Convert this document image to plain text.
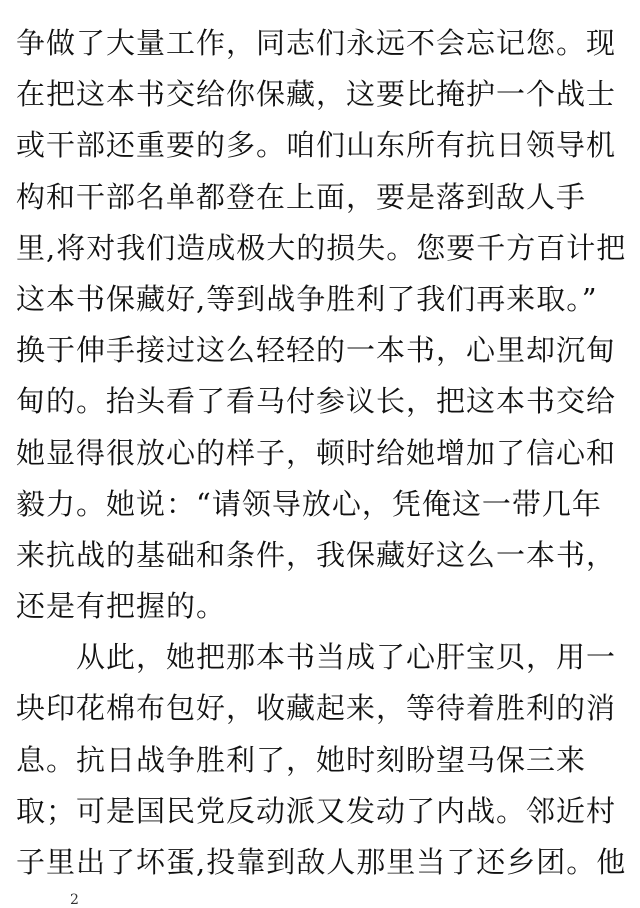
争做了大量工作，同志们永远不会忘记您。现
在把这本书交给你保藏，这要比掩护一个战士
或干部还重要的多。咱们山东所有抗日领导机
构和干部名单都登在上面，要是落到敌人手
里,将对我们造成极大的损失。您要千方百计把
这本书保藏好,等到战争胜利了我们再来取。”
换于伸手接过这么轻轻的一本书，心里却沉甸
甸的。抬头看了看马付参议长，把这本书交给
她显得很放心的样子，顿时给她增加了信心和
毅力。她说：“请领导放心，凭俺这一带几年
来抗战的基础和条件，我保藏好这么一本书，
还是有把握的。
　　从此，她把那本书当成了心肝宝贝，用一
块印花棉布包好，收藏起来，等待着胜利的消
息。抗日战争胜利了，她时刻盼望马保三来
取；可是国民党反动派又发动了内战。邻近村
子里出了坏蛋,投靠到敌人那里当了还乡团。他
2
